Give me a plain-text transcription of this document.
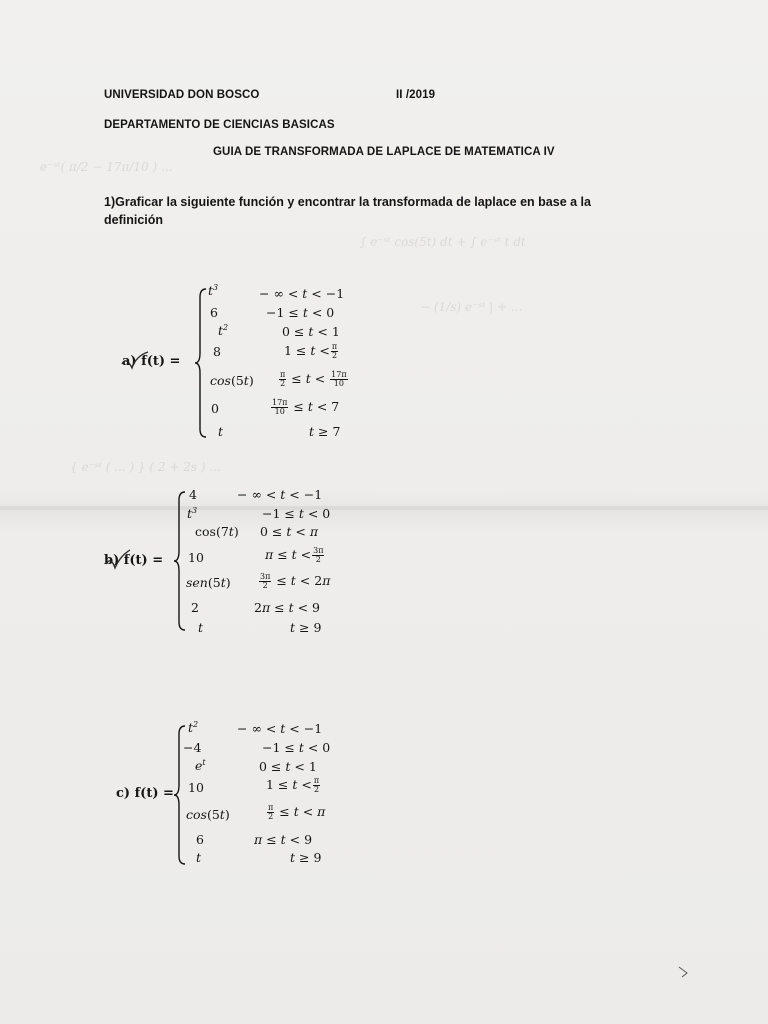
e⁻ˢᵗ( π/2 − 17π/10 ) ...
∫ e⁻ˢᵗ cos(5t) dt + ∫ e⁻ˢᵗ t dt
− (1/s) e⁻ˢᵗ | + ...
{ e⁻ˢᵗ ( ... ) } ( 2 + 2s ) ...
UNIVERSIDAD DON BOSCO	II /2019
DEPARTAMENTO DE CIENCIAS BASICAS
GUIA DE TRANSFORMADA DE LAPLACE DE MATEMATICA IV
1)Graficar la siguiente función y encontrar la transformada de laplace en base a la definición
a) f(t) =
$t^3$
6
$t^2$
8
cos(5t)
0
t
− ∞ < t < −1
−1 ≤ t < 0
0 ≤ t < 1
$1 \le t < \frac{\pi}{2}$
$\frac{\pi}{2} \le t < \frac{17\pi}{10}$
$\frac{17\pi}{10} \le t < 7$
t ≥ 7
b) f(t) =
4
$t^3$
cos(7t)
10
sen(5t)
2
t
− ∞ < t < −1
−1 ≤ t < 0
0 ≤ t < π
$\pi \le t < \frac{3\pi}{2}$
$\frac{3\pi}{2} \le t < 2\pi$
2π ≤ t < 9
t ≥ 9
c) f(t) =
$t^2$
−4
$e^t$
10
cos(5t)
6
t
− ∞ < t < −1
−1 ≤ t < 0
0 ≤ t < 1
$1 \le t < \frac{\pi}{2}$
$\frac{\pi}{2} \le t < \pi$
π ≤ t < 9
t ≥ 9
